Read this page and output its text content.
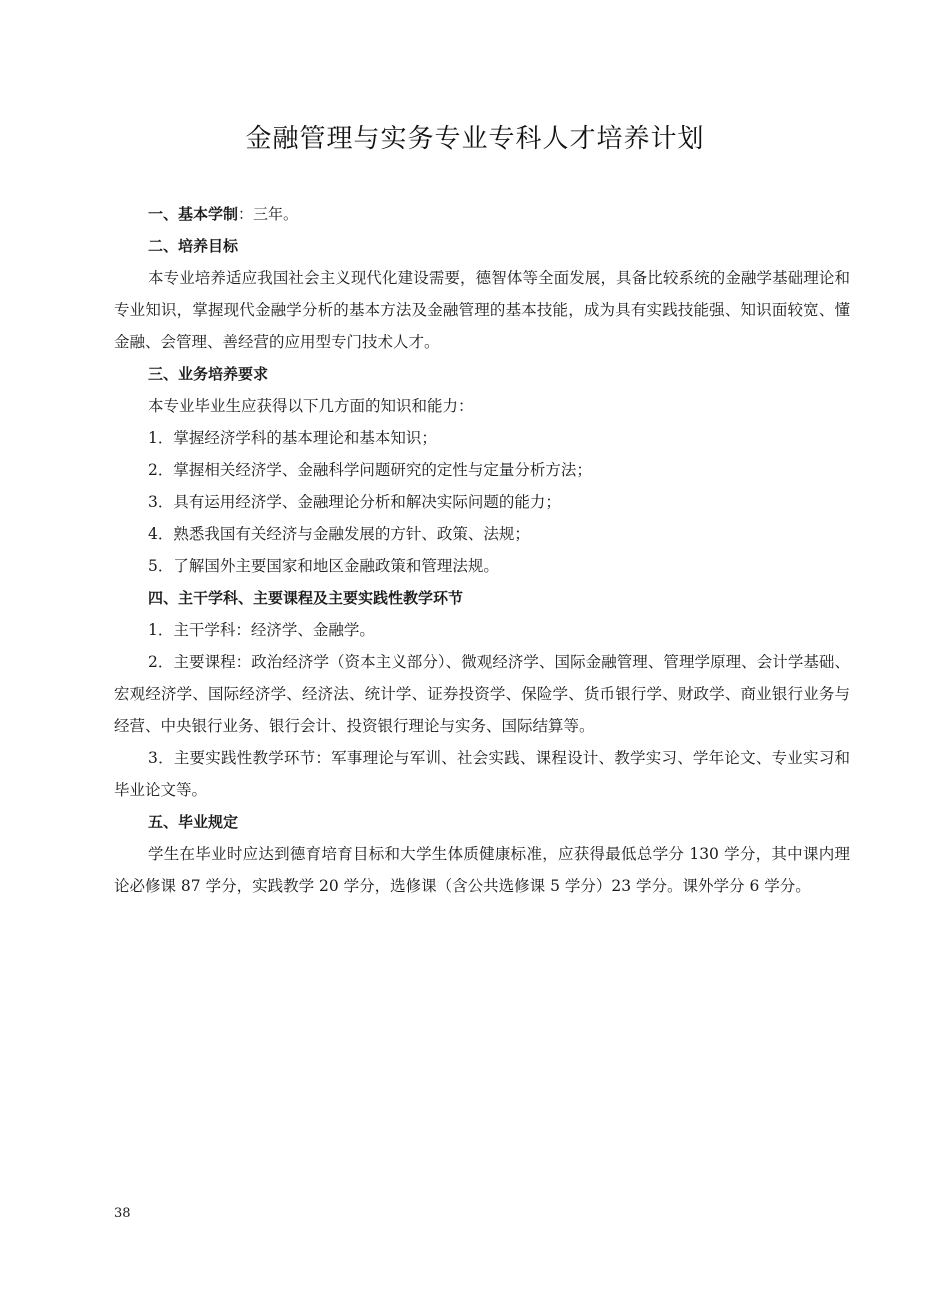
金融管理与实务专业专科人才培养计划

一、基本学制：三年。

二、培养目标

本专业培养适应我国社会主义现代化建设需要，德智体等全面发展，具备比较系统的金融学基础理论和专业知识，掌握现代金融学分析的基本方法及金融管理的基本技能，成为具有实践技能强、知识面较宽、懂金融、会管理、善经营的应用型专门技术人才。

三、业务培养要求

本专业毕业生应获得以下几方面的知识和能力：

1．掌握经济学科的基本理论和基本知识；

2．掌握相关经济学、金融科学问题研究的定性与定量分析方法；

3．具有运用经济学、金融理论分析和解决实际问题的能力；

4．熟悉我国有关经济与金融发展的方针、政策、法规；

5．了解国外主要国家和地区金融政策和管理法规。

四、主干学科、主要课程及主要实践性教学环节

1．主干学科：经济学、金融学。

2．主要课程：政治经济学（资本主义部分）、微观经济学、国际金融管理、管理学原理、会计学基础、宏观经济学、国际经济学、经济法、统计学、证券投资学、保险学、货币银行学、财政学、商业银行业务与经营、中央银行业务、银行会计、投资银行理论与实务、国际结算等。

3．主要实践性教学环节：军事理论与军训、社会实践、课程设计、教学实习、学年论文、专业实习和毕业论文等。

五、毕业规定

学生在毕业时应达到德育培育目标和大学生体质健康标准，应获得最低总学分 130 学分，其中课内理论必修课 87 学分，实践教学 20 学分，选修课（含公共选修课 5 学分）23 学分。课外学分 6 学分。

38
